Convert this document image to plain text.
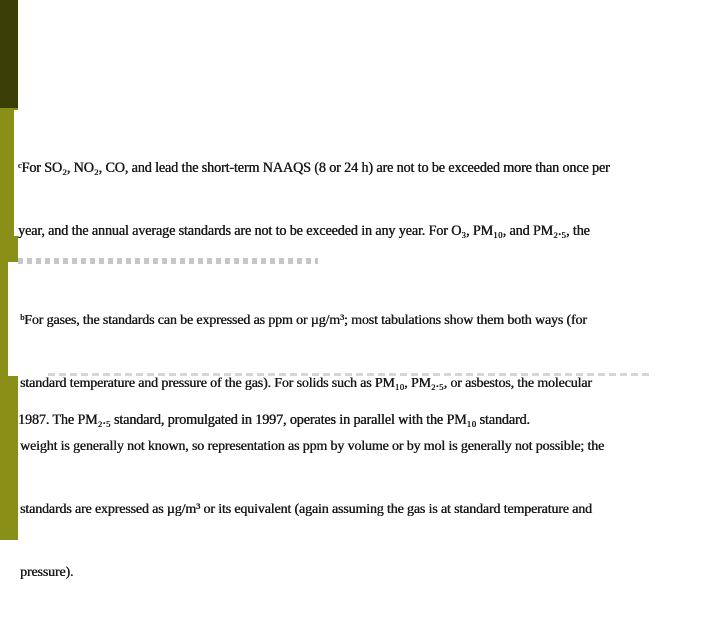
ᶜFor SO₂, NO₂, CO, and lead the short-term NAAQS (8 or 24 h) are not to be exceeded more than once per

year, and the annual average standards are not to be exceeded in any year. For O₃, PM₁₀, and PM₂.₅, the

1987. The PM₂.₅ standard, promulgated in 1997, operates in parallel with the PM₁₀ standard.

ᵇFor gases, the standards can be expressed as ppm or µg/m³; most tabulations show them both ways (for

standard temperature and pressure of the gas). For solids such as PM₁₀, PM₂.₅, or asbestos, the molecular

weight is generally not known, so representation as ppm by volume or by mol is generally not possible; the

standards are expressed as µg/m³ or its equivalent (again assuming the gas is at standard temperature and

pressure).
